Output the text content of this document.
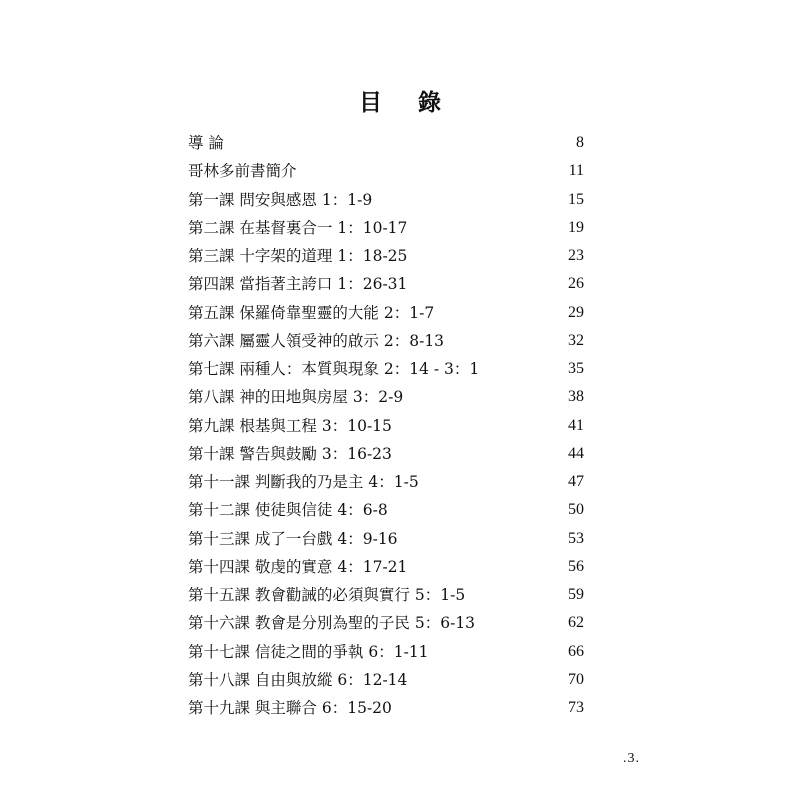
目 錄
導 論	8
哥林多前書簡介	11
第一課 問安與感恩 1：1-9	15
第二課 在基督裏合一 1：10-17	19
第三課 十字架的道理 1：18-25	23
第四課 當指著主誇口 1：26-31	26
第五課 保羅倚靠聖靈的大能 2：1-7	29
第六課 屬靈人領受神的啟示 2：8-13	32
第七課 兩種人：本質與現象 2：14 - 3：1	35
第八課 神的田地與房屋 3：2-9	38
第九課 根基與工程 3：10-15	41
第十課 警告與鼓勵 3：16-23	44
第十一課 判斷我的乃是主 4：1-5	47
第十二課 使徒與信徒 4：6-8	50
第十三課 成了一台戲 4：9-16	53
第十四課 敬虔的實意 4：17-21	56
第十五課 教會勸誡的必須與實行 5：1-5	59
第十六課 教會是分別為聖的子民 5：6-13	62
第十七課 信徒之間的爭執 6：1-11	66
第十八課 自由與放縱 6：12-14	70
第十九課 與主聯合 6：15-20	73
.3.
